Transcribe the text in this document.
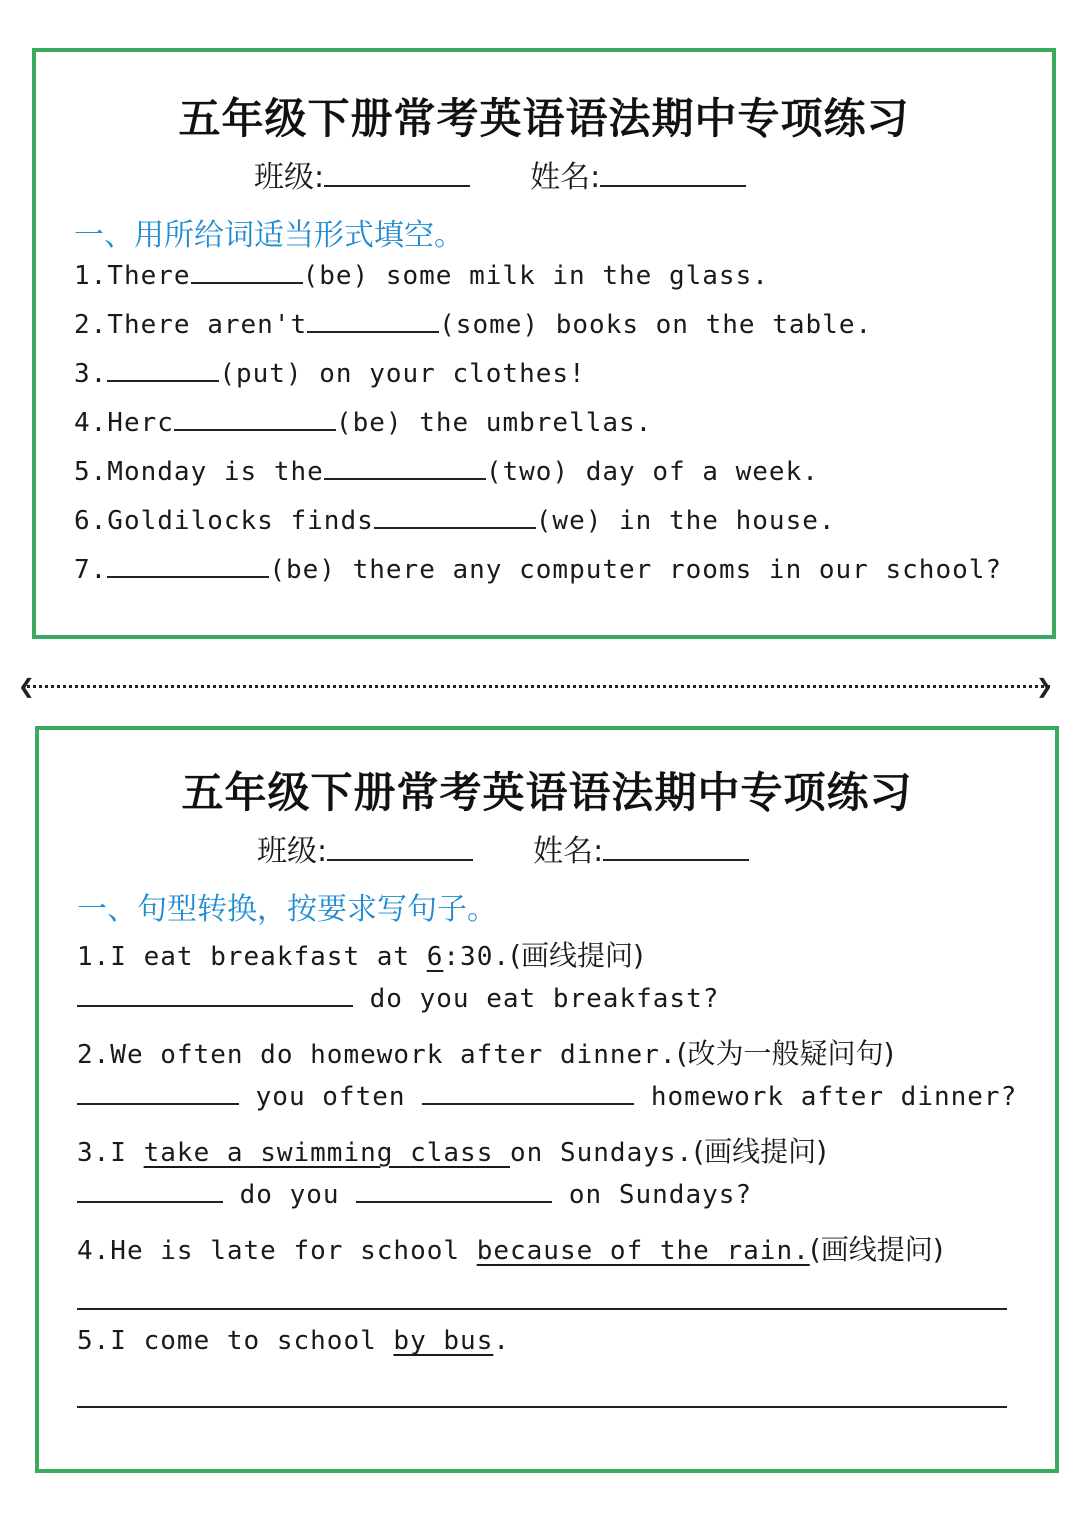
五年级下册常考英语语法期中专项练习
班级:	姓名:
一、用所给词适当形式填空。
1.There	(be) some milk in the glass.
2.There aren't	(some) books on the table.
3.	(put) on your clothes!
4.Herc	(be) the umbrellas.
5.Monday is the	(two) day of a week.
6.Goldilocks finds	(we) in the house.
7.	(be) there any computer rooms in our school?
❮	❯
五年级下册常考英语语法期中专项练习
班级:	姓名:
一、句型转换，按要求写句子。
1.I eat breakfast at 6:30.(画线提问)
do you eat breakfast?
2.We often do homework after dinner.(改为一般疑问句)
you often	homework after dinner?
3.I take a swimming class on Sundays.(画线提问)
do you	on Sundays?
4.He is late for school because of the rain.(画线提问)
5.I come to school by bus.
